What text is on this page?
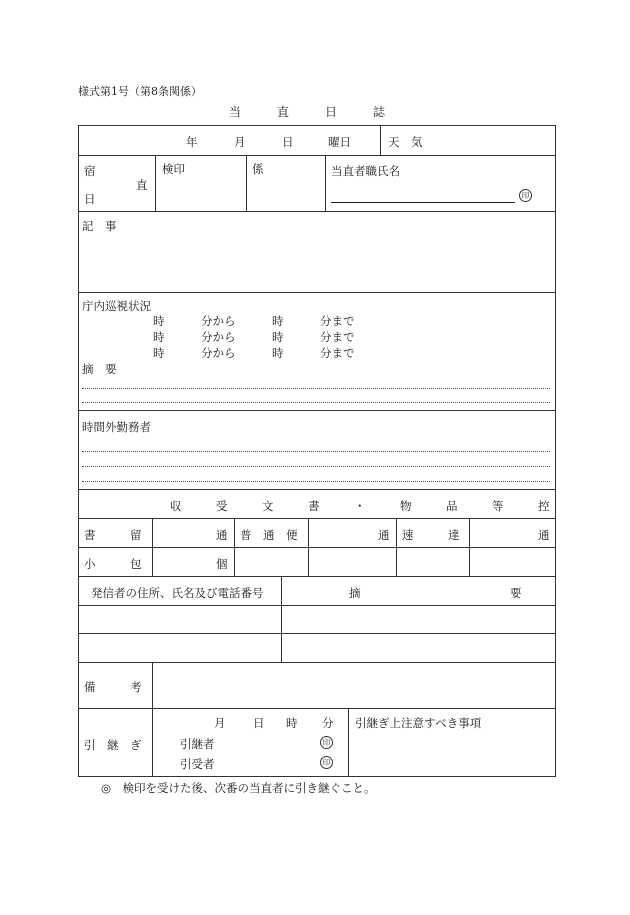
様式第1号（第8条関係）
当　　　直　　　日　　　誌
年	月	日	曜日	天　気
宿
直
日
検印	係	当直者職氏名
印
記　事
庁内巡視状況
時	分から	時	分まで
時	分から	時	分まで
時	分から	時	分まで
摘　要
時間外勤務者
収　　　受　　　文　　　書　　　・　　　物　　　品　　　等　　　控
書　　　留	通 普　通　便	通 速　　　達	通
小　　　包	個
発信者の住所、氏名及び電話番号	摘　　　　　　　　　　　　　要
備　　　考
引　継　ぎ
月 日 時 分
引継者	印
引受者	印
引継ぎ上注意すべき事項
◎　検印を受けた後、次番の当直者に引き継ぐこと。
